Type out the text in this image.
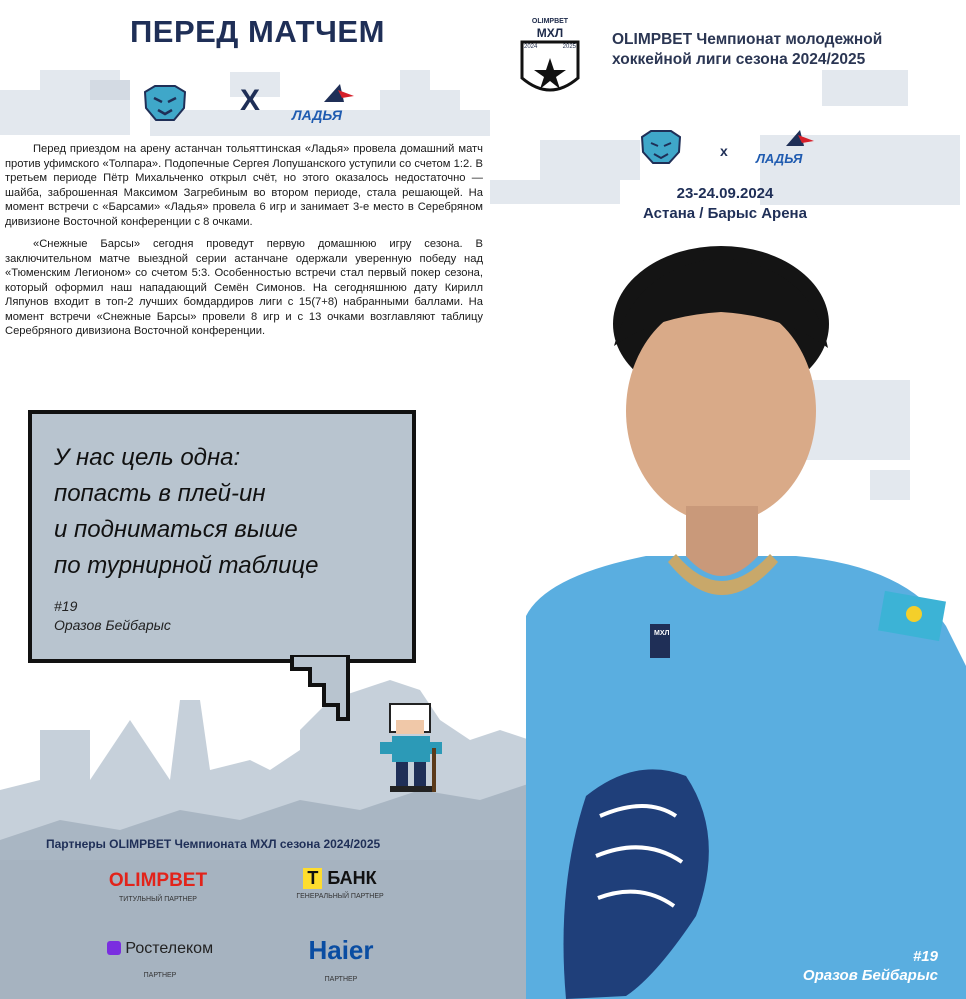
ПЕРЕД МАТЧЕМ
X ЛАДЬЯ
OLIMPBET
МХЛ
2024	2025 OLIMPBET Чемпионат молодежной хоккейной лиги сезона 2024/2025
x ЛАДЬЯ
23-24.09.2024
Астана / Барыс Арена

Перед приездом на арену астанчан тольяттинская «Ладья» провела домашний матч против уфимского «Толпара». Подопечные Сергея Лопушанского уступили со счетом 1:2. В третьем периоде Пётр Михальченко открыл счёт, но этого оказалось недостаточно — шайба, заброшенная Максимом Загребиным во втором периоде, стала решающей. На момент встречи с «Барсами» «Ладья» провела 6 игр и занимает 3-е место в Серебряном дивизионе Восточной конференции с 8 очками.

«Снежные Барсы» сегодня проведут первую домашнюю игру сезона. В заключительном матче выездной серии астанчане одержали уверенную победу над «Тюменским Легионом» со счетом 5:3. Особенностью встречи стал первый покер сезона, который оформил наш нападающий Семён Симонов. На сегодняшнюю дату Кирилл Ляпунов входит в топ-2 лучших бомдардиров лиги с 15(7+8) набранными баллами. На момент встречи «Снежные Барсы» провели 8 игр и с 13 очками возглавляют таблицу Серебряного дивизиона Восточной конференции.

У нас цель одна:
попасть в плей-ин
и подниматься выше
по турнирной таблице
#19
Оразов Бейбарыс
Партнеры OLIMPBET Чемпионата МХЛ сезона 2024/2025
OLIMPBET
ТИТУЛЬНЫЙ ПАРТНЕР
Т БАНК
ГЕНЕРАЛЬНЫЙ ПАРТНЕР
Ростелеком
ПАРТНЕР
Haier
ПАРТНЕР
МХЛ
#19
Оразов Бейбарыс
